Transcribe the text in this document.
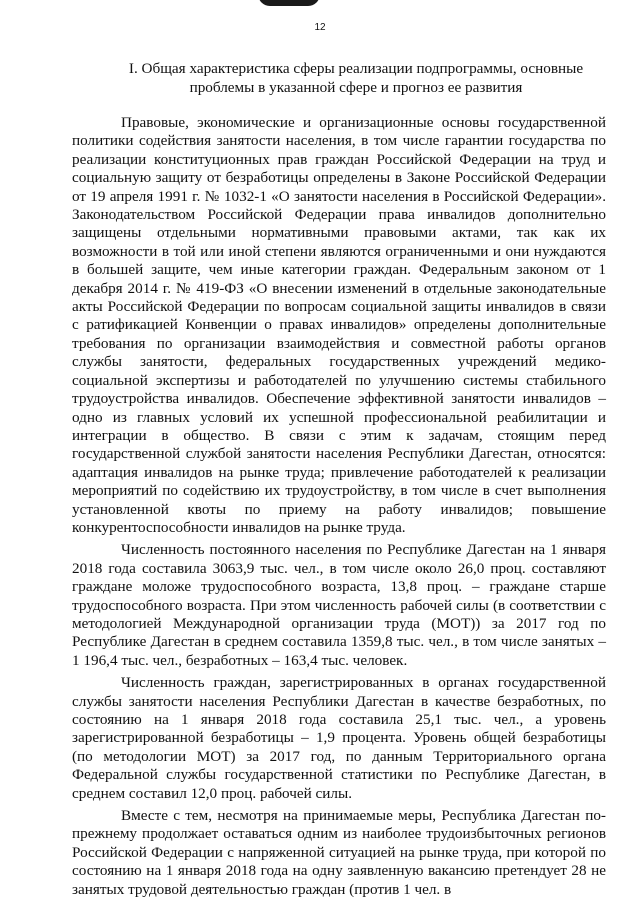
12
I. Общая характеристика сферы реализации подпрограммы, основные проблемы в указанной сфере и прогноз ее развития

Правовые, экономические и организационные основы государственной политики содействия занятости населения, в том числе гарантии государства по реализации конституционных прав граждан Российской Федерации на труд и социальную защиту от безработицы определены в Законе Российской Федерации от 19 апреля 1991 г. № 1032-1 «О занятости населения в Российской Федерации». Законодательством Российской Федерации права инвалидов дополнительно защищены отдельными нормативными правовыми актами, так как их возможности в той или иной степени являются ограниченными и они нуждаются в большей защите, чем иные категории граждан. Федеральным законом от 1 декабря 2014 г. № 419-ФЗ «О внесении изменений в отдельные законодательные акты Российской Федерации по вопросам социальной защиты инвалидов в связи с ратификацией Конвенции о правах инвалидов» определены дополнительные требования по организации взаимодействия и совместной работы органов службы занятости, федеральных государственных учреждений медико-социальной экспертизы и работодателей по улучшению системы стабильного трудоустройства инвалидов. Обеспечение эффективной занятости инвалидов – одно из главных условий их успешной профессиональной реабилитации и интеграции в общество. В связи с этим к задачам, стоящим перед государственной службой занятости населения Республики Дагестан, относятся: адаптация инвалидов на рынке труда; привлечение работодателей к реализации мероприятий по содействию их трудоустройству, в том числе в счет выполнения установленной квоты по приему на работу инвалидов; повышение конкурентоспособности инвалидов на рынке труда.

Численность постоянного населения по Республике Дагестан на 1 января 2018 года составила 3063,9 тыс. чел., в том числе около 26,0 проц. составляют граждане моложе трудоспособного возраста, 13,8 проц. – граждане старше трудоспособного возраста. При этом численность рабочей силы (в соответствии с методологией Международной организации труда (МОТ)) за 2017 год по Республике Дагестан в среднем составила 1359,8 тыс. чел., в том числе занятых – 1 196,4 тыс. чел., безработных – 163,4 тыс. человек.

Численность граждан, зарегистрированных в органах государственной службы занятости населения Республики Дагестан в качестве безработных, по состоянию на 1 января 2018 года составила 25,1 тыс. чел., а уровень зарегистрированной безработицы – 1,9 процента. Уровень общей безработицы (по методологии МОТ) за 2017 год, по данным Территориального органа Федеральной службы государственной статистики по Республике Дагестан, в среднем составил 12,0 проц. рабочей силы.

Вместе с тем, несмотря на принимаемые меры, Республика Дагестан по-прежнему продолжает оставаться одним из наиболее трудоизбыточных регионов Российской Федерации с напряженной ситуацией на рынке труда, при которой по состоянию на 1 января 2018 года на одну заявленную вакансию претендует 28 не занятых трудовой деятельностью граждан (против 1 чел. в
